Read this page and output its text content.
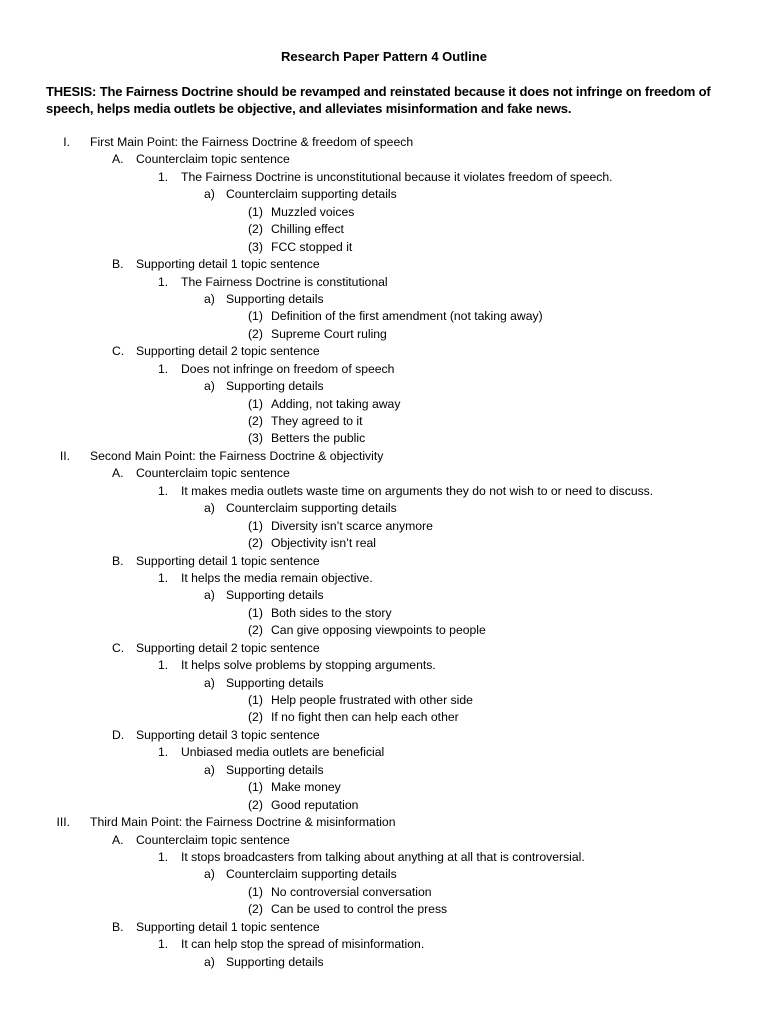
Research Paper Pattern 4 Outline
THESIS: The Fairness Doctrine should be revamped and reinstated because it does not infringe on freedom of speech, helps media outlets be objective, and alleviates misinformation and fake news.
I. First Main Point: the Fairness Doctrine & freedom of speech
A. Counterclaim topic sentence
1. The Fairness Doctrine is unconstitutional because it violates freedom of speech.
a) Counterclaim supporting details
(1) Muzzled voices
(2) Chilling effect
(3) FCC stopped it
B. Supporting detail 1 topic sentence
1. The Fairness Doctrine is constitutional
a) Supporting details
(1) Definition of the first amendment (not taking away)
(2) Supreme Court ruling
C. Supporting detail 2 topic sentence
1. Does not infringe on freedom of speech
a) Supporting details
(1) Adding, not taking away
(2) They agreed to it
(3) Betters the public
II. Second Main Point: the Fairness Doctrine & objectivity
A. Counterclaim topic sentence
1. It makes media outlets waste time on arguments they do not wish to or need to discuss.
a) Counterclaim supporting details
(1) Diversity isn’t scarce anymore
(2) Objectivity isn’t real
B. Supporting detail 1 topic sentence
1. It helps the media remain objective.
a) Supporting details
(1) Both sides to the story
(2) Can give opposing viewpoints to people
C. Supporting detail 2 topic sentence
1. It helps solve problems by stopping arguments.
a) Supporting details
(1) Help people frustrated with other side
(2) If no fight then can help each other
D. Supporting detail 3 topic sentence
1. Unbiased media outlets are beneficial
a) Supporting details
(1) Make money
(2) Good reputation
III. Third Main Point: the Fairness Doctrine & misinformation
A. Counterclaim topic sentence
1. It stops broadcasters from talking about anything at all that is controversial.
a) Counterclaim supporting details
(1) No controversial conversation
(2) Can be used to control the press
B. Supporting detail 1 topic sentence
1. It can help stop the spread of misinformation.
a) Supporting details
